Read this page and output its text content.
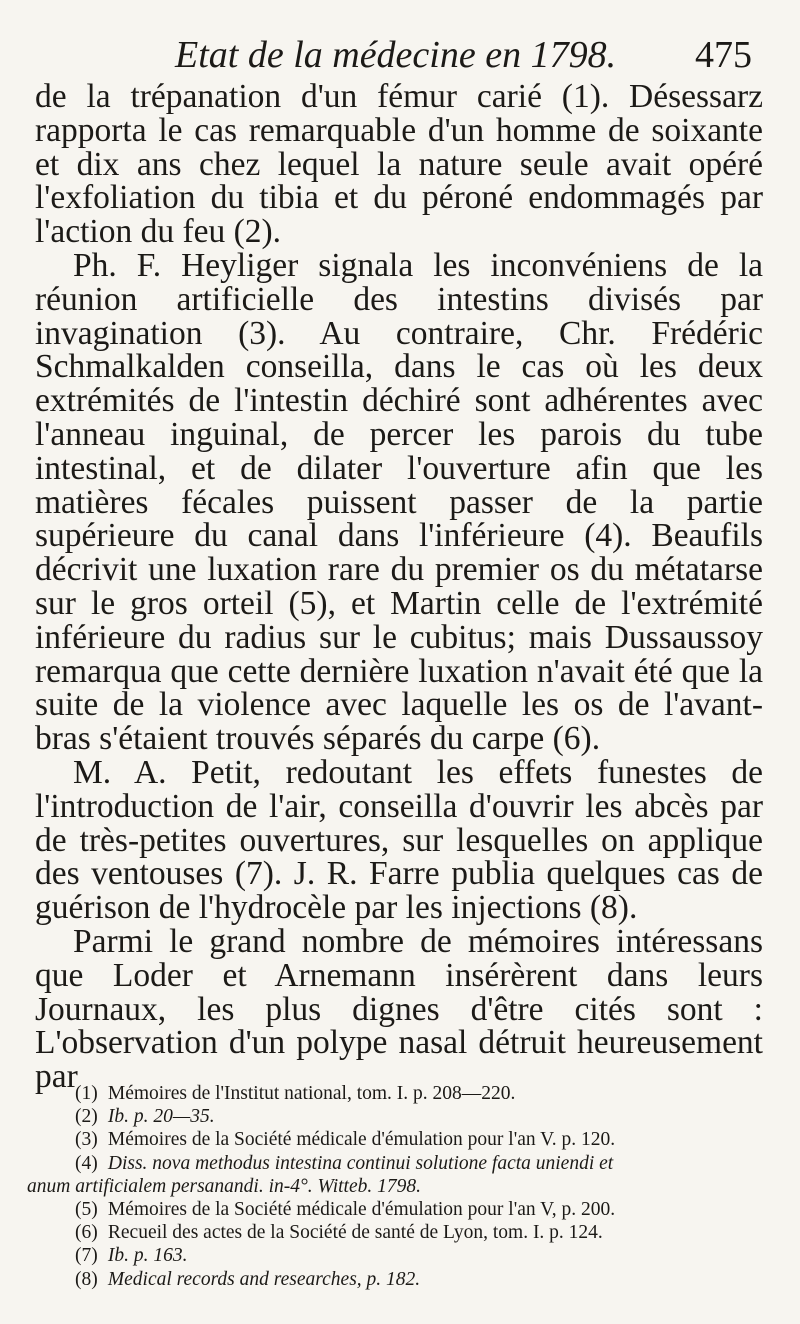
Etat de la médecine en 1798. 475

de la trépanation d'un fémur carié (1). Désessarz rapporta le cas remarquable d'un homme de soixante et dix ans chez lequel la nature seule avait opéré l'exfoliation du tibia et du péroné endommagés par l'action du feu (2).

Ph. F. Heyliger signala les inconvéniens de la réunion artificielle des intestins divisés par invagination (3). Au contraire, Chr. Frédéric Schmalkalden conseilla, dans le cas où les deux extrémités de l'intestin déchiré sont adhérentes avec l'anneau inguinal, de percer les parois du tube intestinal, et de dilater l'ouverture afin que les matières fécales puissent passer de la partie supérieure du canal dans l'inférieure (4). Beaufils décrivit une luxation rare du premier os du métatarse sur le gros orteil (5), et Martin celle de l'extrémité inférieure du radius sur le cubitus; mais Dussaussoy remarqua que cette dernière luxation n'avait été que la suite de la violence avec laquelle les os de l'avant-bras s'étaient trouvés séparés du carpe (6).

M. A. Petit, redoutant les effets funestes de l'introduction de l'air, conseilla d'ouvrir les abcès par de très-petites ouvertures, sur lesquelles on applique des ventouses (7). J. R. Farre publia quelques cas de guérison de l'hydrocèle par les injections (8).

Parmi le grand nombre de mémoires intéressans que Loder et Arnemann insérèrent dans leurs Journaux, les plus dignes d'être cités sont : L'observation d'un polype nasal détruit heureusement par

(1) Mémoires de l'Institut national, tom. I. p. 208—220.

(2) Ib. p. 20—35.

(3) Mémoires de la Société médicale d'émulation pour l'an V. p. 120.

(4) Diss. nova methodus intestina continui solutione facta uniendi et

anum artificialem persanandi. in-4°. Witteb. 1798.

(5) Mémoires de la Société médicale d'émulation pour l'an V, p. 200.

(6) Recueil des actes de la Société de santé de Lyon, tom. I. p. 124.

(7) Ib. p. 163.

(8) Medical records and researches, p. 182.
